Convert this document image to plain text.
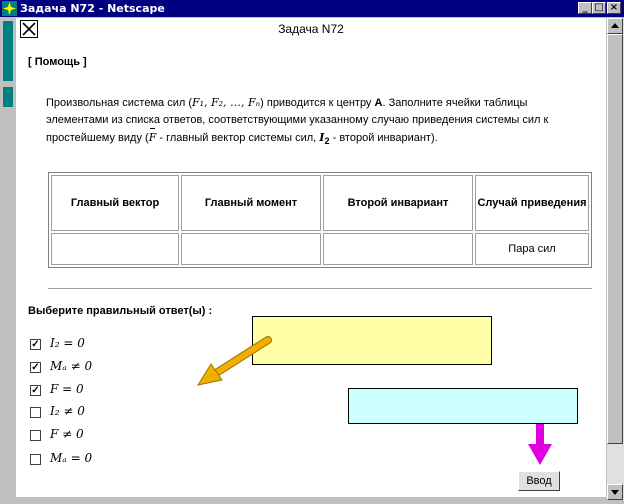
Задача N72 - Netscape	_ □ ×
Задача N72
[ Помощь ]
Произвольная система сил (F₁, F₂, …, Fₙ) приводится к центру А. Заполните ячейки таблицы элементами из списка ответов, соответствующими указанному случаю приведения системы сил к простейшему виду (F - главный вектор системы сил, $I_2$ - второй инвариант).
Главный вектор	Главный момент	Второй инвариант	Случай приведения
			Пара сил
Выберите правильный ответ(ы) :
✓ I₂ = 0
✓ Mₐ ≠ 0
✓ F = 0
I₂ ≠ 0
F ≠ 0
Mₐ = 0
Ввод
